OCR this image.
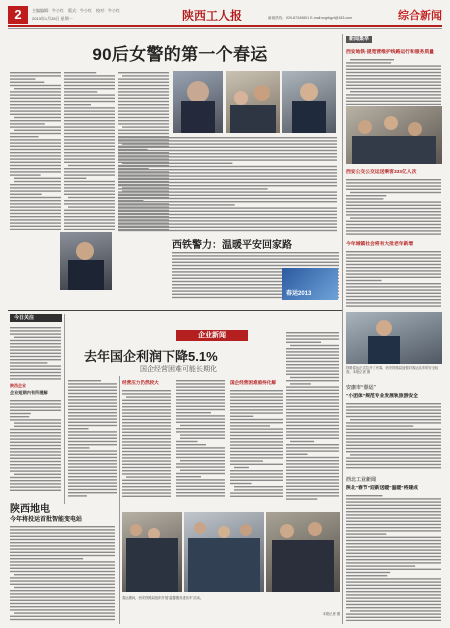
2	主编编辑：牛小红　版式：牛小红　校对：牛小红
2013年1月28日 星期一	陕西工人报	新闻热线：029-87349801 E-mail:sxgrbgzl@163.com	综合新闻
90后女警的第一个春运
西铁警力：温暖平安回家路
春运2013
新闻集萃
西安地铁·提宽营维护线路运行和服务质量
西安公交公交运送乘客333亿人次
今年城镇社会将有大批老年新增
铁路春运正式拉开了序幕，西安铁路局加强对客运站车的安全检查。本报记者 摄
安康市“春运”
“小团体”规范专业发展轨旅游安全
西北工业新闻
陕北“春节”迎新送暖“温暖”将建成
今日关注
陕西企业
企业短期内有所缓解
陕西地电
今年将投运首批智能变电站
企业新闻
去年国企利润下降5.1%
国企经营困难可能长期化
经营压力仍然较大	国企经营困难亟待化解
春运期间，西安铁路局组织开展“温馨服务进站车”活动。
本报记者 摄
